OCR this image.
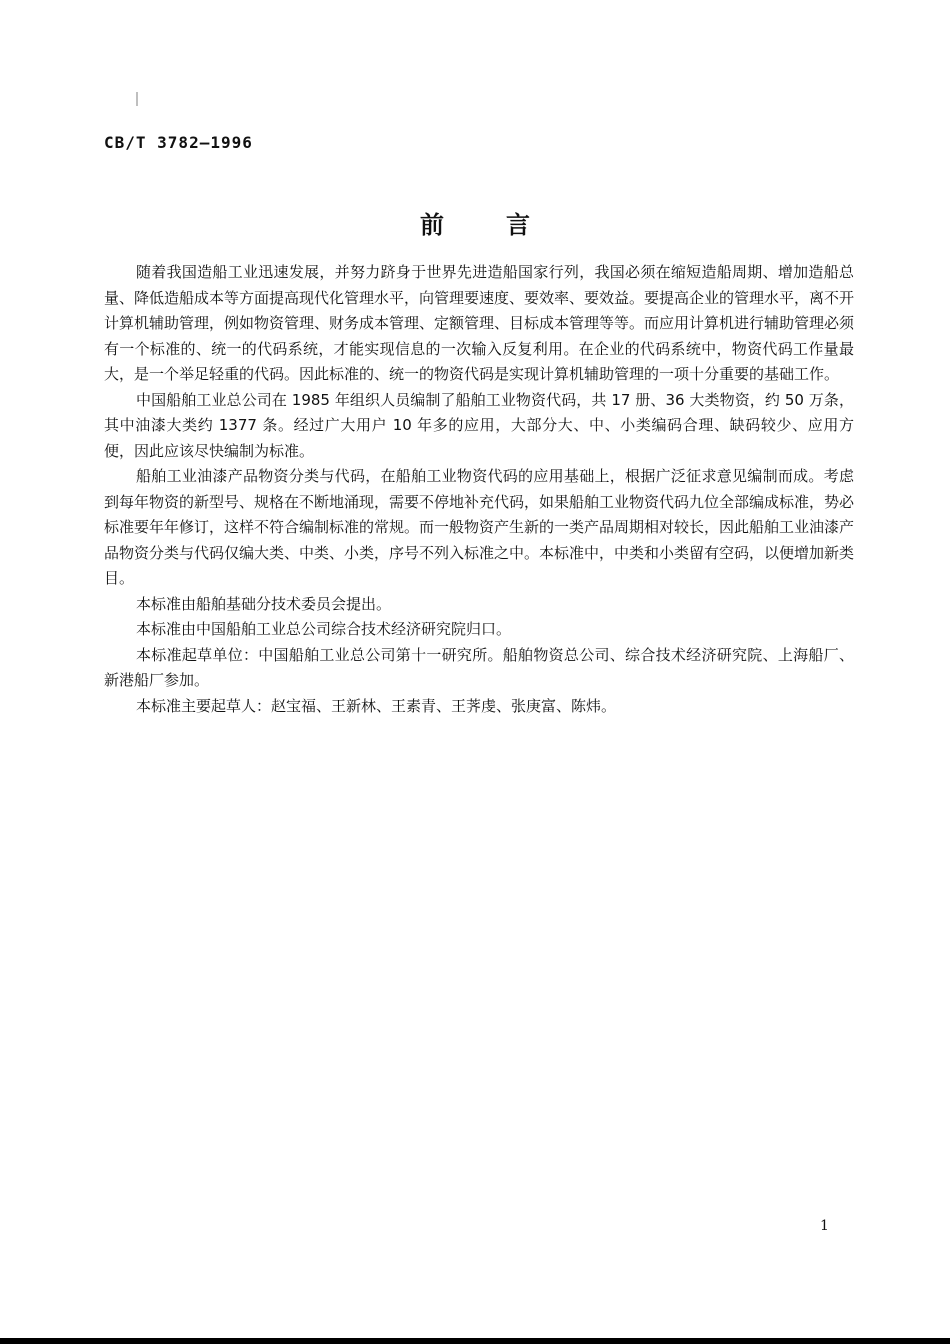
CB/T 3782—1996

前言

随着我国造船工业迅速发展，并努力跻身于世界先进造船国家行列，我国必须在缩短造船周期、增加造船总量、降低造船成本等方面提高现代化管理水平，向管理要速度、要效率、要效益。要提高企业的管理水平，离不开计算机辅助管理，例如物资管理、财务成本管理、定额管理、目标成本管理等等。而应用计算机进行辅助管理必须有一个标准的、统一的代码系统，才能实现信息的一次输入反复利用。在企业的代码系统中，物资代码工作量最大，是一个举足轻重的代码。因此标准的、统一的物资代码是实现计算机辅助管理的一项十分重要的基础工作。

中国船舶工业总公司在 1985 年组织人员编制了船舶工业物资代码，共 17 册、36 大类物资，约 50 万条，其中油漆大类约 1377 条。经过广大用户 10 年多的应用，大部分大、中、小类编码合理、缺码较少、应用方便，因此应该尽快编制为标准。

船舶工业油漆产品物资分类与代码，在船舶工业物资代码的应用基础上，根据广泛征求意见编制而成。考虑到每年物资的新型号、规格在不断地涌现，需要不停地补充代码，如果船舶工业物资代码九位全部编成标准，势必标准要年年修订，这样不符合编制标准的常规。而一般物资产生新的一类产品周期相对较长，因此船舶工业油漆产品物资分类与代码仅编大类、中类、小类，序号不列入标准之中。本标准中，中类和小类留有空码，以便增加新类目。

本标准由船舶基础分技术委员会提出。

本标准由中国船舶工业总公司综合技术经济研究院归口。

本标准起草单位：中国船舶工业总公司第十一研究所。船舶物资总公司、综合技术经济研究院、上海船厂、新港船厂参加。

本标准主要起草人：赵宝福、王新林、王素青、王荠虔、张庚富、陈炜。

1
